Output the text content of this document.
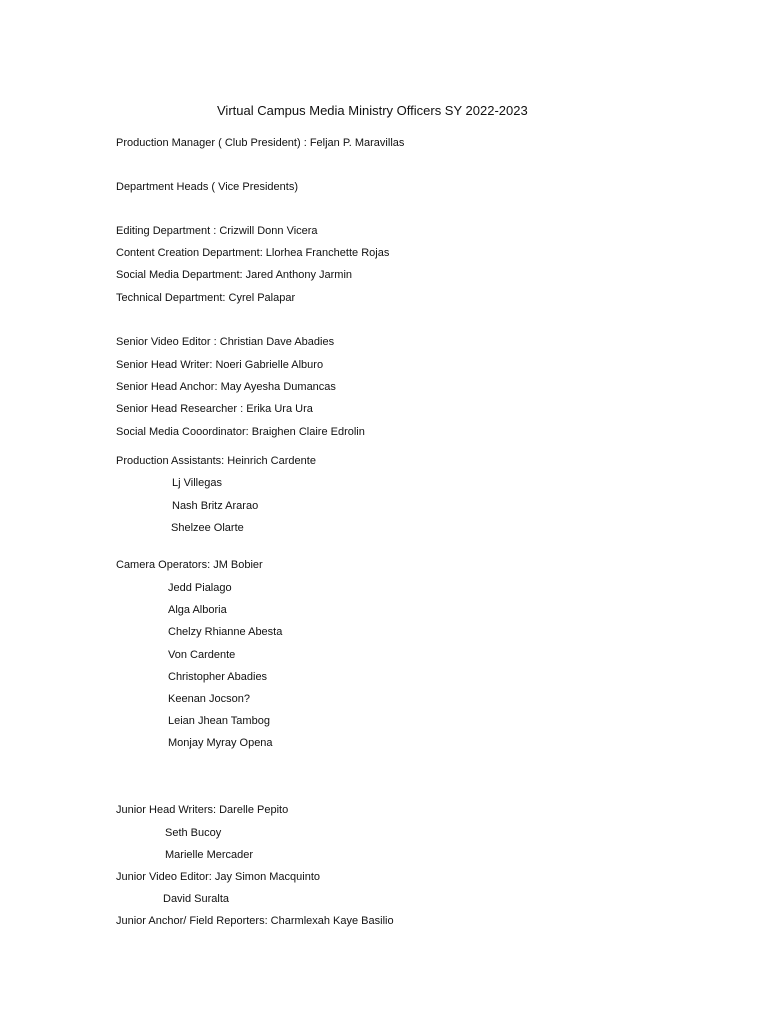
Virtual Campus Media Ministry Officers SY 2022-2023
Production Manager ( Club President) : Feljan P. Maravillas
Department Heads ( Vice Presidents)
Editing Department : Crizwill Donn Vicera
Content Creation Department: Llorhea Franchette Rojas
Social Media Department: Jared Anthony Jarmin
Technical Department: Cyrel Palapar
Senior Video Editor : Christian Dave Abadies
Senior Head Writer: Noeri Gabrielle Alburo
Senior Head Anchor: May Ayesha Dumancas
Senior Head Researcher : Erika Ura Ura
Social Media Cooordinator: Braighen Claire Edrolin
Production Assistants: Heinrich Cardente
Lj Villegas
Nash Britz Ararao
Shelzee Olarte
Camera Operators: JM Bobier
Jedd Pialago
Alga Alboria
Chelzy Rhianne Abesta
Von Cardente
Christopher Abadies
Keenan Jocson?
Leian Jhean Tambog
Monjay Myray Opena
Junior Head Writers: Darelle Pepito
Seth Bucoy
Marielle Mercader
Junior Video Editor: Jay Simon Macquinto
David Suralta
Junior Anchor/ Field Reporters: Charmlexah Kaye Basilio
